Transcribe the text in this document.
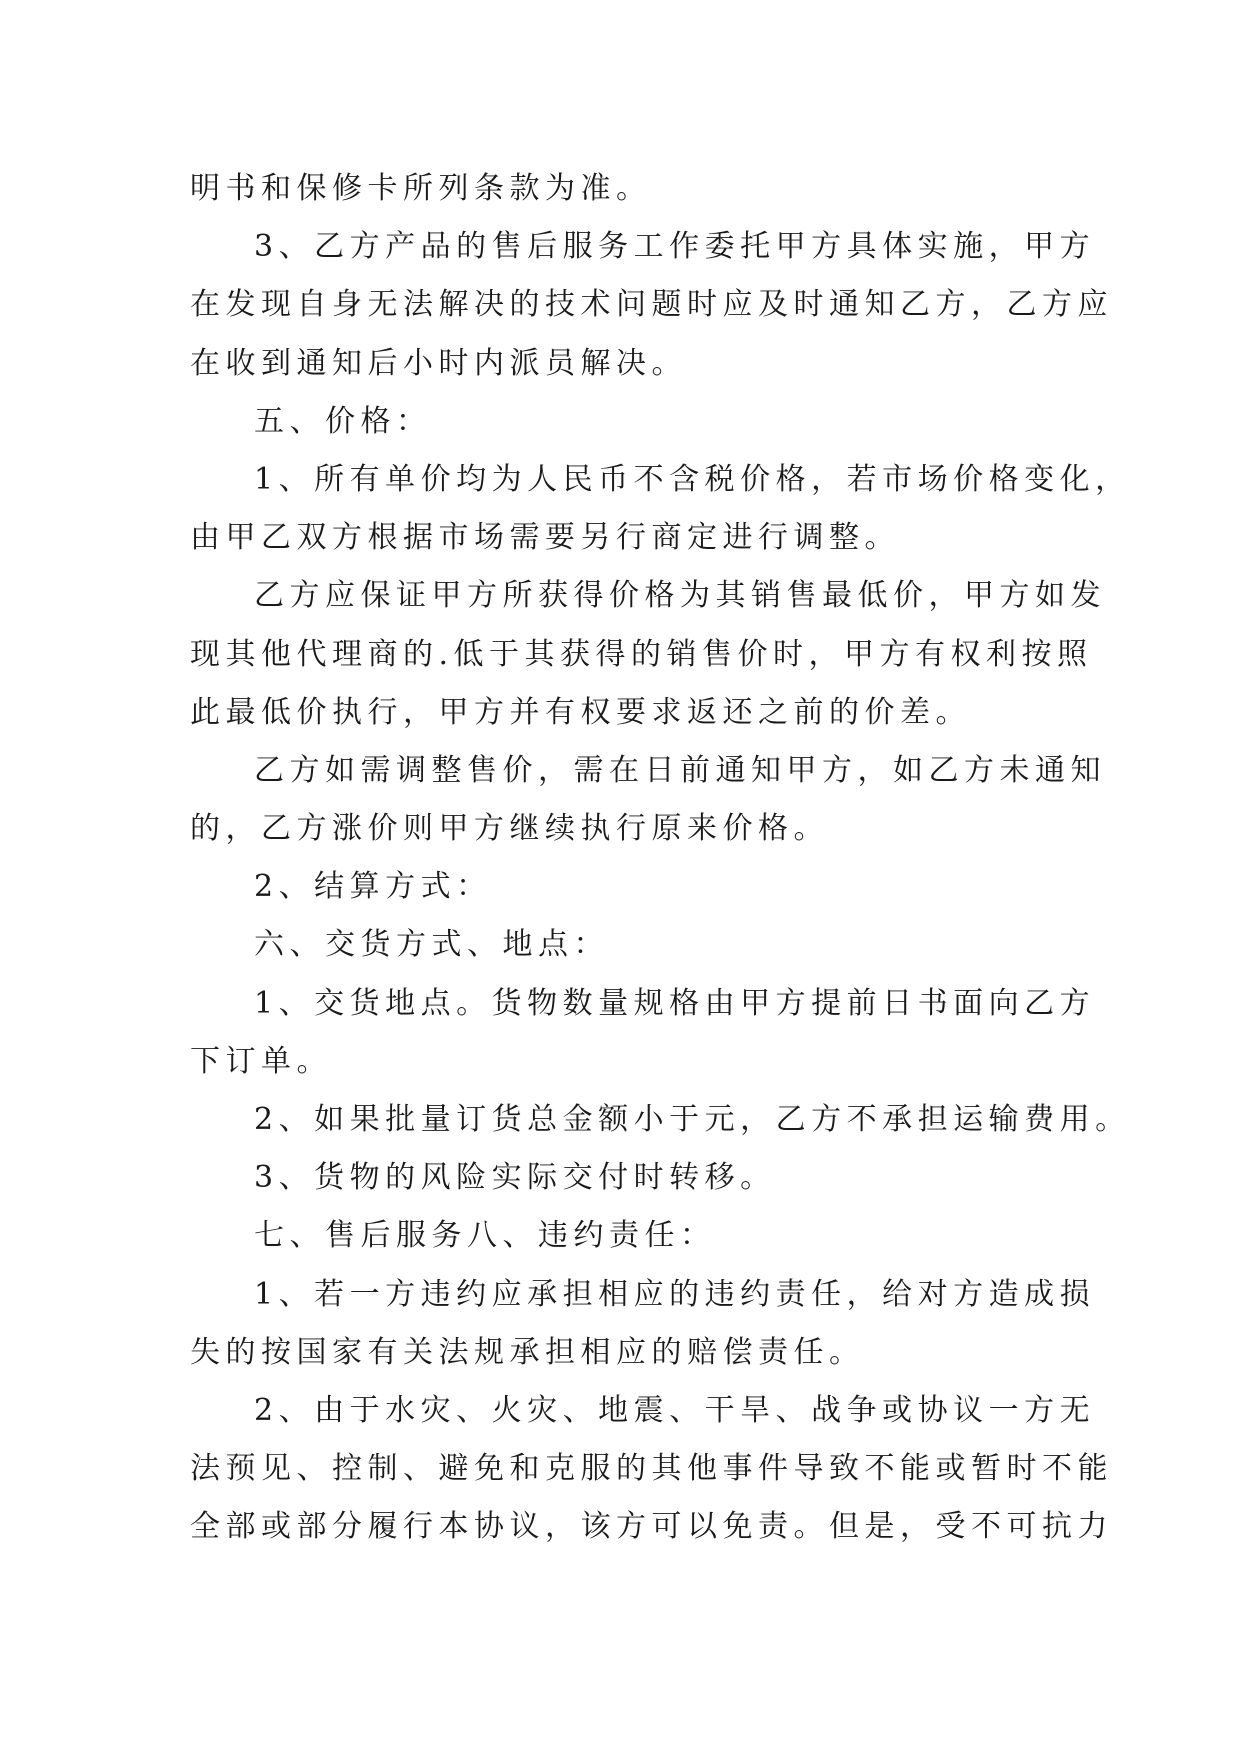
明书和保修卡所列条款为准。
3、乙方产品的售后服务工作委托甲方具体实施，甲方
在发现自身无法解决的技术问题时应及时通知乙方，乙方应
在收到通知后小时内派员解决。
五、价格：
1、所有单价均为人民币不含税价格，若市场价格变化，
由甲乙双方根据市场需要另行商定进行调整。
乙方应保证甲方所获得价格为其销售最低价，甲方如发
现其他代理商的.低于其获得的销售价时，甲方有权利按照
此最低价执行，甲方并有权要求返还之前的价差。
乙方如需调整售价，需在日前通知甲方，如乙方未通知
的，乙方涨价则甲方继续执行原来价格。
2、结算方式：
六、交货方式、地点：
1、交货地点。货物数量规格由甲方提前日书面向乙方
下订单。
2、如果批量订货总金额小于元，乙方不承担运输费用。
3、货物的风险实际交付时转移。
七、售后服务八、违约责任：
1、若一方违约应承担相应的违约责任，给对方造成损
失的按国家有关法规承担相应的赔偿责任。
2、由于水灾、火灾、地震、干旱、战争或协议一方无
法预见、控制、避免和克服的其他事件导致不能或暂时不能
全部或部分履行本协议，该方可以免责。但是，受不可抗力
